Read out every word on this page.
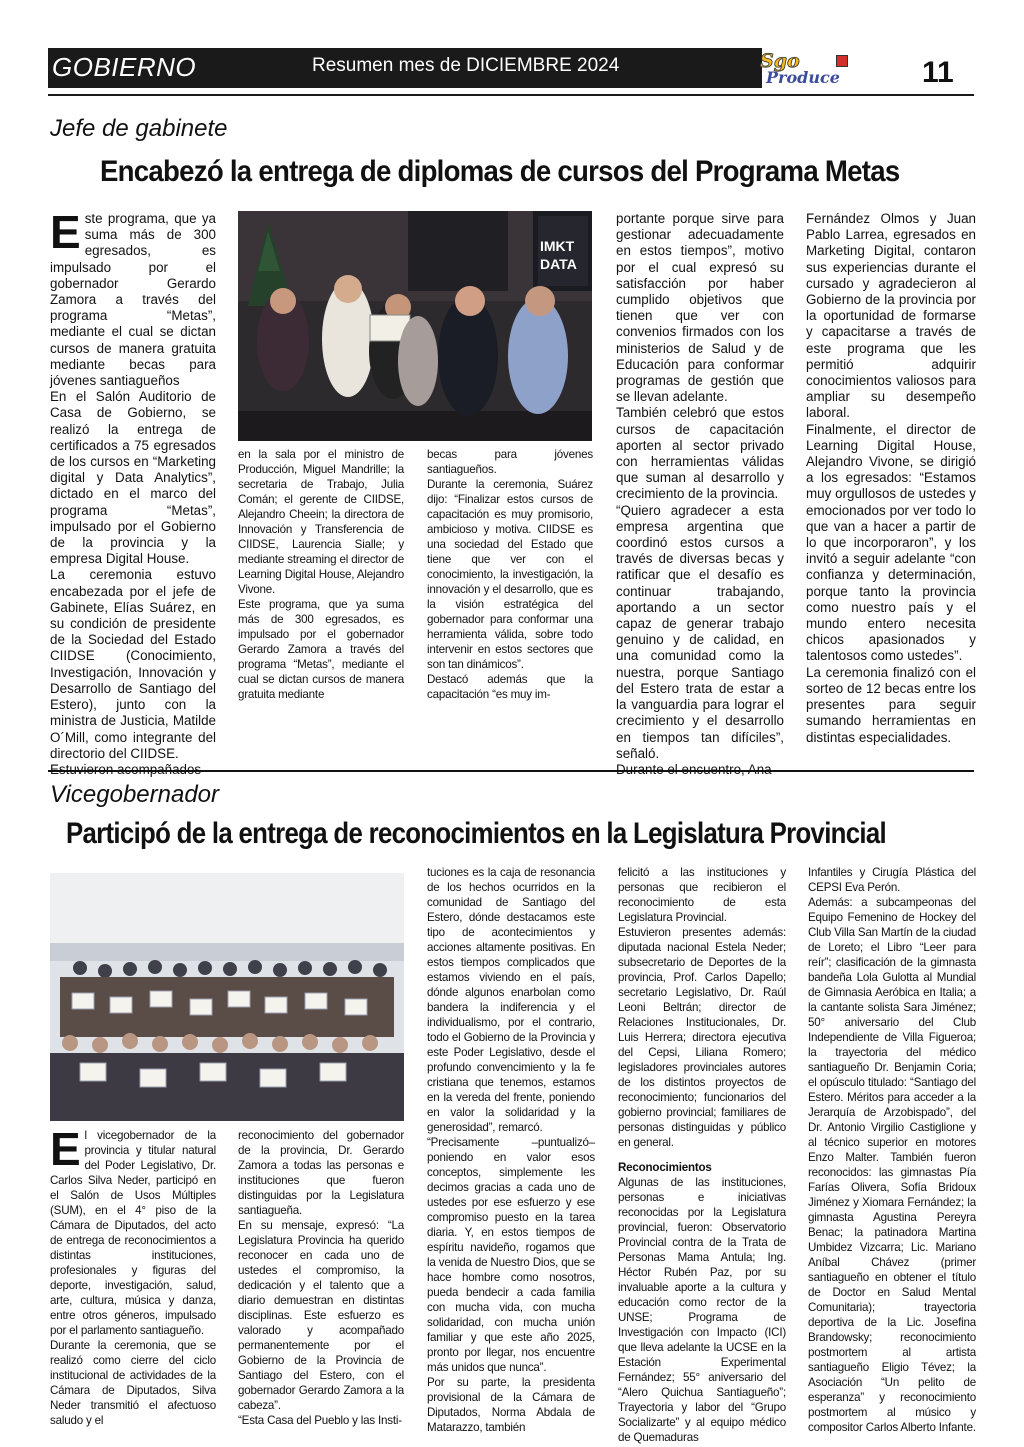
GOBIERNO	Resumen mes de DICIEMBRE 2024	Sgo
Produce	11
Jefe de gabinete
Encabezó la entrega de diplomas de cursos del Programa Metas
Este programa, que ya suma más de 300 egresados, es impulsado por el gobernador Gerardo Zamora a través del programa “Metas”, mediante el cual se dictan cursos de manera gratuita mediante becas para jóvenes santiagueños
En el Salón Auditorio de Casa de Gobierno, se realizó la entrega de certificados a 75 egresados de los cursos en “Marketing digital y Data Analytics”, dictado en el marco del programa “Metas”, impulsado por el Gobierno de la provincia y la empresa Digital House.
La ceremonia estuvo encabezada por el jefe de Gabinete, Elías Suárez, en su condición de presidente de la Sociedad del Estado CIIDSE (Conocimiento, Investigación, Innovación y Desarrollo de Santiago del Estero), junto con la ministra de Justicia, Matilde O´Mill, como integrante del directorio del CIIDSE.

IMKT
DATA

en la sala por el ministro de Producción, Miguel Mandrille; la secretaria de Trabajo, Julia Comán; el gerente de CIIDSE, Alejandro Cheein; la directora de Innovación y Transferencia de CIIDSE, Laurencia Sialle; y mediante streaming el director de Learning Digital House, Alejandro Vivone.
Este programa, que ya suma más de 300 egresados, es impulsado por el gobernador Gerardo Zamora a través del programa “Metas”, mediante el cual se dictan cursos de manera gratuita mediante

becas para jóvenes santiagueños.
Durante la ceremonia, Suárez dijo: “Finalizar estos cursos de capacitación es muy promisorio, ambicioso y motiva. CIIDSE es una sociedad del Estado que tiene que ver con el conocimiento, la investigación, la innovación y el desarrollo, que es la visión estratégica del gobernador para conformar una herramienta válida, sobre todo intervenir en estos sectores que son tan dinámicos”.
Destacó además que la capacitación “es muy im-

portante porque sirve para gestionar adecuadamente en estos tiempos”, motivo por el cual expresó su satisfacción por haber cumplido objetivos que tienen que ver con convenios firmados con los ministerios de Salud y de Educación para conformar programas de gestión que se llevan adelante.
También celebró que estos cursos de capacitación aporten al sector privado con herramientas válidas que suman al desarrollo y crecimiento de la provincia.
“Quiero agradecer a esta empresa argentina que coordinó estos cursos a través de diversas becas y ratificar que el desafío es continuar trabajando, aportando a un sector capaz de generar trabajo genuino y de calidad, en una comunidad como la nuestra, porque Santiago del Estero trata de estar a la vanguardia para lograr el crecimiento y el desarrollo en tiempos tan difíciles”, señaló.

Fernández Olmos y Juan Pablo Larrea, egresados en Marketing Digital, contaron sus experiencias durante el cursado y agradecieron al Gobierno de la provincia por la oportunidad de formarse y capacitarse a través de este programa que les permitió adquirir conocimientos valiosos para ampliar su desempeño laboral.
Finalmente, el director de Learning Digital House, Alejandro Vivone, se dirigió a los egresados: “Estamos muy orgullosos de ustedes y emocionados por ver todo lo que van a hacer a partir de lo que incorporaron”, y los invitó a seguir adelante “con confianza y determinación, porque tanto la provincia como nuestro país y el mundo entero necesita chicos apasionados y talentosos como ustedes”.
La ceremonia finalizó con el sorteo de 12 becas entre los presentes para seguir sumando herramientas en distintas especialidades.

Vicegobernador
Participó de la entrega de reconocimientos en la Legislatura Provincial
El vicegobernador de la provincia y titular natural del Poder Legislativo, Dr. Carlos Silva Neder, participó en el Salón de Usos Múltiples (SUM), en el 4° piso de la Cámara de Diputados, del acto de entrega de reconocimientos a distintas instituciones, profesionales y figuras del deporte, investigación, salud, arte, cultura, música y danza, entre otros géneros, impulsado por el parlamento santiagueño.
Durante la ceremonia, que se realizó como cierre del ciclo institucional de actividades de la Cámara de Diputados, Silva Neder transmitió el afectuoso saludo y el

reconocimiento del gobernador de la provincia, Dr. Gerardo Zamora a todas las personas e instituciones que fueron distinguidas por la Legislatura santiagueña.
En su mensaje, expresó: “La Legislatura Provincia ha querido reconocer en cada uno de ustedes el compromiso, la dedicación y el talento que a diario demuestran en distintas disciplinas. Este esfuerzo es valorado y acompañado permanentemente por el Gobierno de la Provincia de Santiago del Estero, con el gobernador Gerardo Zamora a la cabeza”.
“Esta Casa del Pueblo y las Insti-

tuciones es la caja de resonancia de los hechos ocurridos en la comunidad de Santiago del Estero, dónde destacamos este tipo de acontecimientos y acciones altamente positivas. En estos tiempos complicados que estamos viviendo en el país, dónde algunos enarbolan como bandera la indiferencia y el individualismo, por el contrario, todo el Gobierno de la Provincia y este Poder Legislativo, desde el profundo convencimiento y la fe cristiana que tenemos, estamos en la vereda del frente, poniendo en valor la solidaridad y la generosidad”, remarcó.
“Precisamente –puntualizó– poniendo en valor esos conceptos, simplemente les decimos gracias a cada uno de ustedes por ese esfuerzo y ese compromiso puesto en la tarea diaria. Y, en estos tiempos de espíritu navideño, rogamos que la venida de Nuestro Dios, que se hace hombre como nosotros, pueda bendecir a cada familia con mucha vida, con mucha solidaridad, con mucha unión familiar y que este año 2025, pronto por llegar, nos encuentre más unidos que nunca”.
Por su parte, la presidenta provisional de la Cámara de Diputados, Norma Abdala de Matarazzo, también

felicitó a las instituciones y personas que recibieron el reconocimiento de esta Legislatura Provincial.
Estuvieron presentes además: diputada nacional Estela Neder; subsecretario de Deportes de la provincia, Prof. Carlos Dapello; secretario Legislativo, Dr. Raúl Leoni Beltrán; director de Relaciones Institucionales, Dr. Luis Herrera; directora ejecutiva del Cepsi, Liliana Romero; legisladores provinciales autores de los distintos proyectos de reconocimiento; funcionarios del gobierno provincial; familiares de personas distinguidas y público en general.

Reconocimientos

Algunas de las instituciones, personas e iniciativas reconocidas por la Legislatura provincial, fueron: Observatorio Provincial contra de la Trata de Personas Mama Antula; Ing. Héctor Rubén Paz, por su invaluable aporte a la cultura y educación como rector de la UNSE; Programa de Investigación con Impacto (ICI) que lleva adelante la UCSE en la Estación Experimental Fernández; 55° aniversario del “Alero Quichua Santiagueño”; Trayectoria y labor del “Grupo Socializarte” y al equipo médico de Quemaduras

Infantiles y Cirugía Plástica del CEPSI Eva Perón.
Además: a subcampeonas del Equipo Femenino de Hockey del Club Villa San Martín de la ciudad de Loreto; el Libro “Leer para reír”; clasificación de la gimnasta bandeña Lola Gulotta al Mundial de Gimnasia Aeróbica en Italia; a la cantante solista Sara Jiménez; 50° aniversario del Club Independiente de Villa Figueroa; la trayectoria del médico santiagueño Dr. Benjamin Coria; el opúsculo titulado: “Santiago del Estero. Méritos para acceder a la Jerarquía de Arzobispado”, del Dr. Antonio Virgilio Castiglione y al técnico superior en motores Enzo Malter. También fueron reconocidos: las gimnastas Pía Farías Olivera, Sofía Bridoux Jiménez y Xiomara Fernández; la gimnasta Agustina Pereyra Benac; la patinadora Martina Umbidez Vizcarra; Lic. Mariano Aníbal Chávez (primer santiagueño en obtener el título de Doctor en Salud Mental Comunitaria); trayectoria deportiva de la Lic. Josefina Brandowsky; reconocimiento postmortem al artista santiagueño Eligio Tévez; la Asociación “Un pelito de esperanza” y reconocimiento postmortem al músico y compositor Carlos Alberto Infante.
